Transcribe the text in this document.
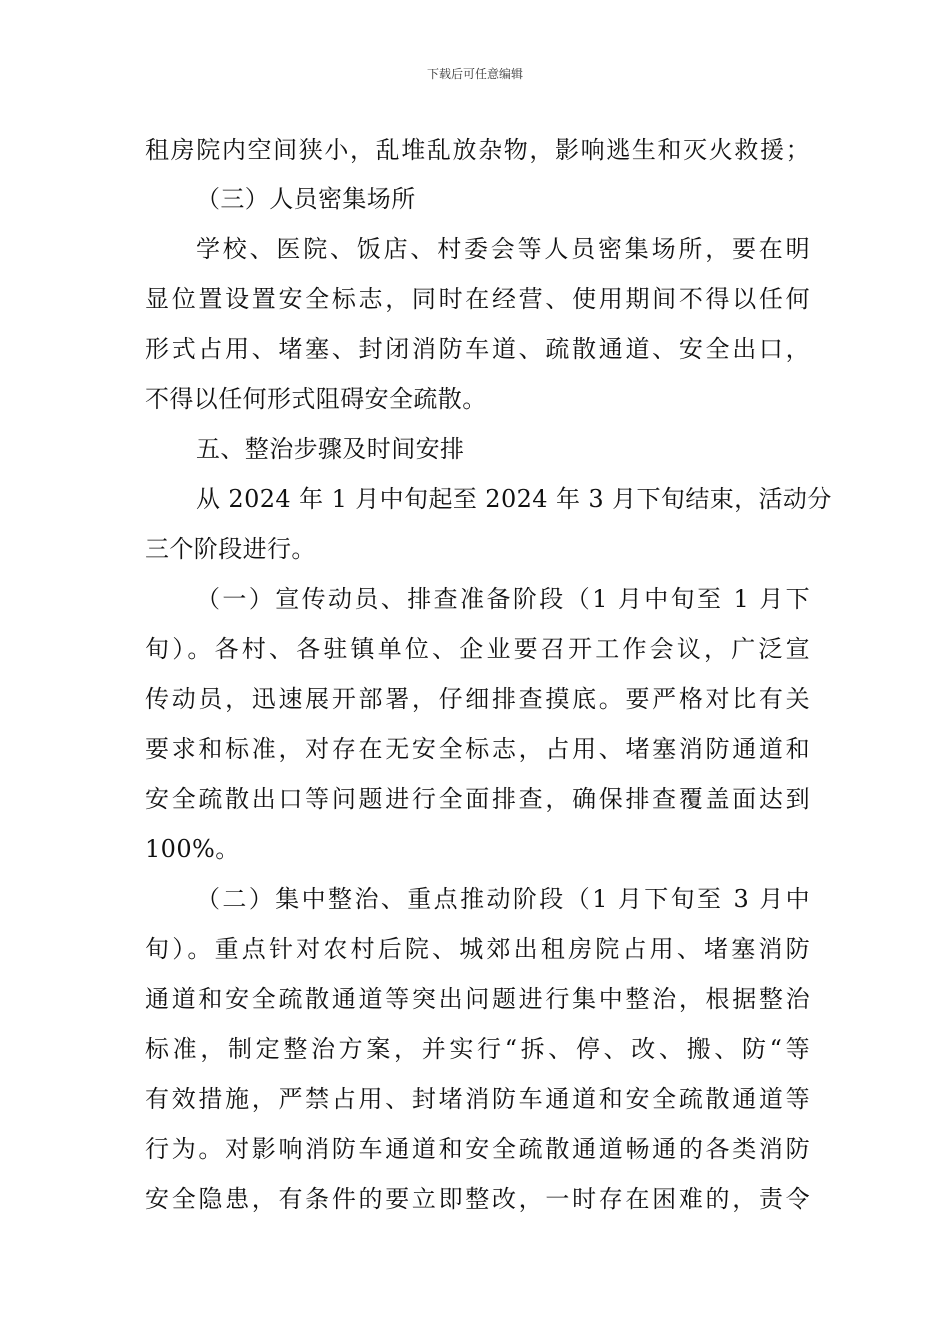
下载后可任意编辑
租房院内空间狭小，乱堆乱放杂物，影响逃生和灭火救援；
（三）人员密集场所
学校、医院、饭店、村委会等人员密集场所，要在明
显位置设置安全标志，同时在经营、使用期间不得以任何
形式占用、堵塞、封闭消防车道、疏散通道、安全出口，
不得以任何形式阻碍安全疏散。
五、整治步骤及时间安排
从 2024 年 1 月中旬起至 2024 年 3 月下旬结束，活动分
三个阶段进行。
（一）宣传动员、排查准备阶段（1 月中旬至 1 月下
旬）。各村、各驻镇单位、企业要召开工作会议，广泛宣
传动员，迅速展开部署，仔细排查摸底。要严格对比有关
要求和标准，对存在无安全标志，占用、堵塞消防通道和
安全疏散出口等问题进行全面排查，确保排查覆盖面达到
100%。
（二）集中整治、重点推动阶段（1 月下旬至 3 月中
旬）。重点针对农村后院、城郊出租房院占用、堵塞消防
通道和安全疏散通道等突出问题进行集中整治，根据整治
标准，制定整治方案，并实行“拆、停、改、搬、防“等
有效措施，严禁占用、封堵消防车通道和安全疏散通道等
行为。对影响消防车通道和安全疏散通道畅通的各类消防
安全隐患，有条件的要立即整改，一时存在困难的，责令
